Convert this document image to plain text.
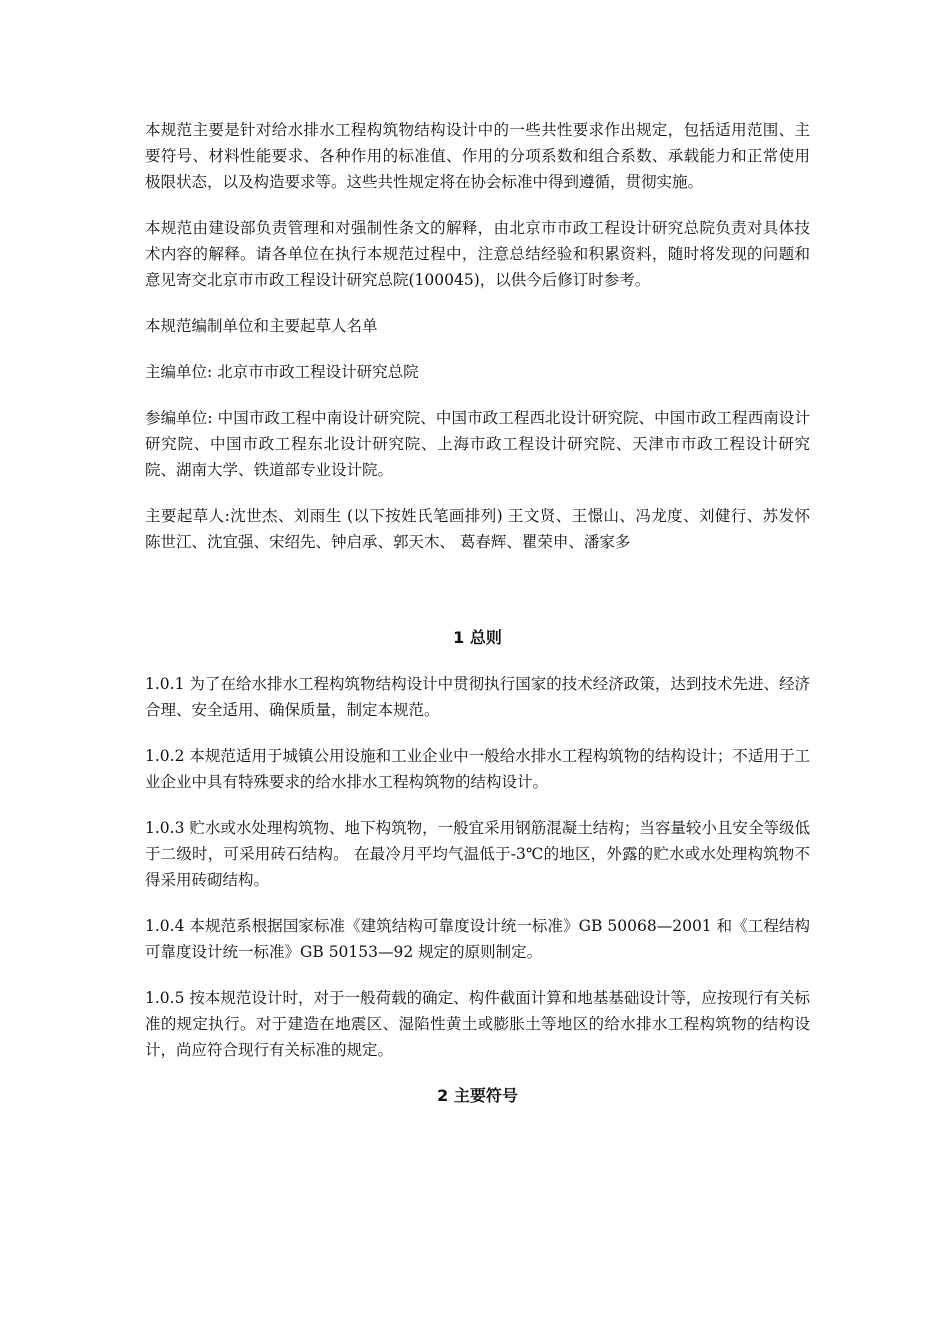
本规范主要是针对给水排水工程构筑物结构设计中的一些共性要求作出规定，包括适用范围、主要符号、材料性能要求、各种作用的标准值、作用的分项系数和组合系数、承载能力和正常使用极限状态，以及构造要求等。这些共性规定将在协会标准中得到遵循，贯彻实施。

本规范由建设部负责管理和对强制性条文的解释，由北京市市政工程设计研究总院负责对具体技术内容的解释。请各单位在执行本规范过程中，注意总结经验和积累资料，随时将发现的问题和意见寄交北京市市政工程设计研究总院(100045)，以供今后修订时参考。

本规范编制单位和主要起草人名单

主编单位: 北京市市政工程设计研究总院

参编单位: 中国市政工程中南设计研究院、中国市政工程西北设计研究院、中国市政工程西南设计研究院、中国市政工程东北设计研究院、上海市政工程设计研究院、天津市市政工程设计研究院、湖南大学、铁道部专业设计院。

主要起草人:沈世杰、刘雨生 (以下按姓氏笔画排列) 王文贤、王憬山、冯龙度、刘健行、苏发怀 陈世江、沈宜强、宋绍先、钟启承、郭天木、 葛春辉、瞿荣申、潘家多

1 总则

1.0.1 为了在给水排水工程构筑物结构设计中贯彻执行国家的技术经济政策，达到技术先进、经济合理、安全适用、确保质量，制定本规范。

1.0.2 本规范适用于城镇公用设施和工业企业中一般给水排水工程构筑物的结构设计；不适用于工业企业中具有特殊要求的给水排水工程构筑物的结构设计。

1.0.3 贮水或水处理构筑物、地下构筑物，一般宜采用钢筋混凝土结构；当容量较小且安全等级低于二级时，可采用砖石结构。 在最冷月平均气温低于-3℃的地区，外露的贮水或水处理构筑物不得采用砖砌结构。

1.0.4 本规范系根据国家标准《建筑结构可靠度设计统一标准》GB 50068—2001 和《工程结构可靠度设计统一标准》GB 50153—92 规定的原则制定。

1.0.5 按本规范设计时，对于一般荷载的确定、构件截面计算和地基基础设计等，应按现行有关标准的规定执行。对于建造在地震区、湿陷性黄土或膨胀土等地区的给水排水工程构筑物的结构设计，尚应符合现行有关标准的规定。

2 主要符号
